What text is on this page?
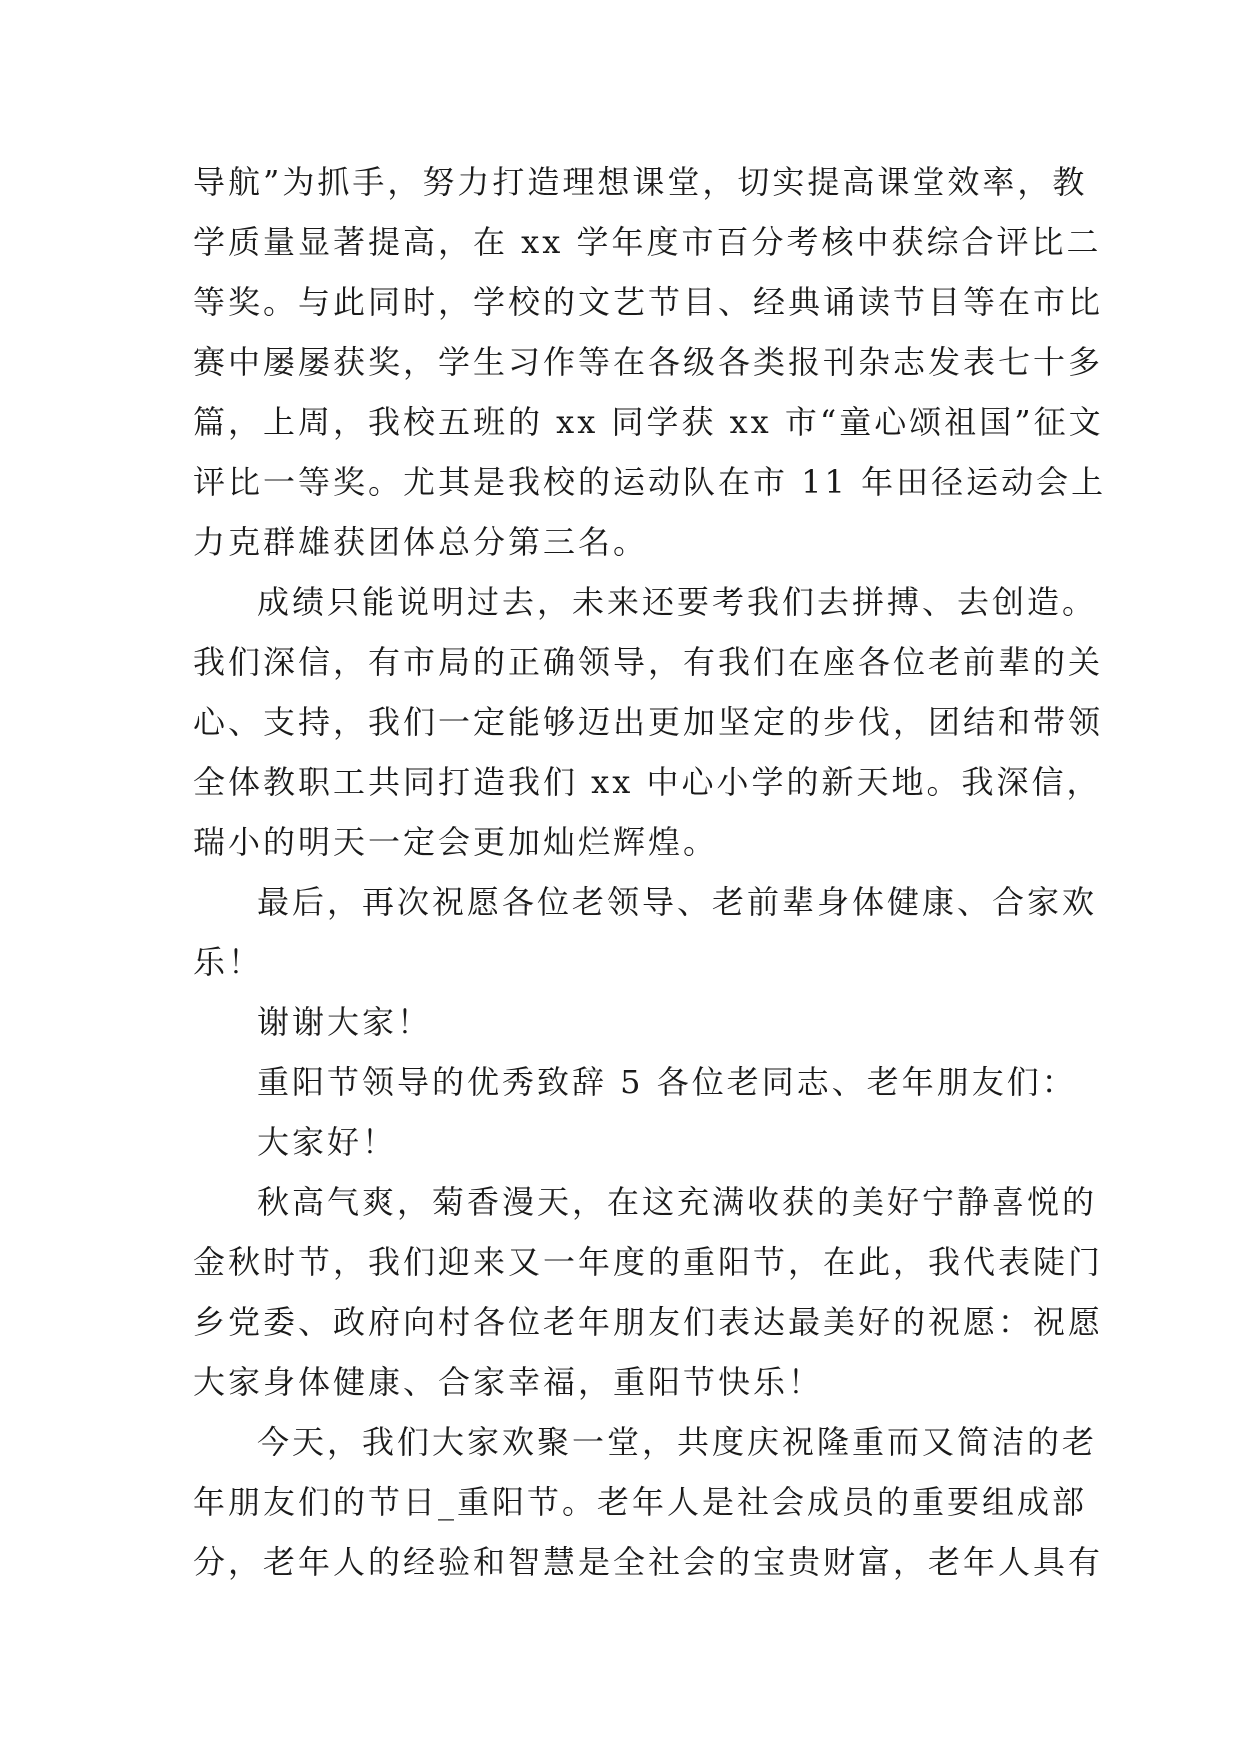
导航”为抓手，努力打造理想课堂，切实提高课堂效率，教
学质量显著提高，在 xx 学年度市百分考核中获综合评比二
等奖。与此同时，学校的文艺节目、经典诵读节目等在市比
赛中屡屡获奖，学生习作等在各级各类报刊杂志发表七十多
篇，上周，我校五班的 xx 同学获 xx 市“童心颂祖国”征文
评比一等奖。尤其是我校的运动队在市 11 年田径运动会上
力克群雄获团体总分第三名。
成绩只能说明过去，未来还要考我们去拼搏、去创造。
我们深信，有市局的正确领导，有我们在座各位老前辈的关
心、支持，我们一定能够迈出更加坚定的步伐，团结和带领
全体教职工共同打造我们 xx 中心小学的新天地。我深信，
瑞小的明天一定会更加灿烂辉煌。
最后，再次祝愿各位老领导、老前辈身体健康、合家欢
乐！
谢谢大家！
重阳节领导的优秀致辞 5 各位老同志、老年朋友们：
大家好！
秋高气爽，菊香漫天，在这充满收获的美好宁静喜悦的
金秋时节，我们迎来又一年度的重阳节，在此，我代表陡门
乡党委、政府向村各位老年朋友们表达最美好的祝愿：祝愿
大家身体健康、合家幸福，重阳节快乐！
今天，我们大家欢聚一堂，共度庆祝隆重而又简洁的老
年朋友们的节日_重阳节。老年人是社会成员的重要组成部
分，老年人的经验和智慧是全社会的宝贵财富，老年人具有
